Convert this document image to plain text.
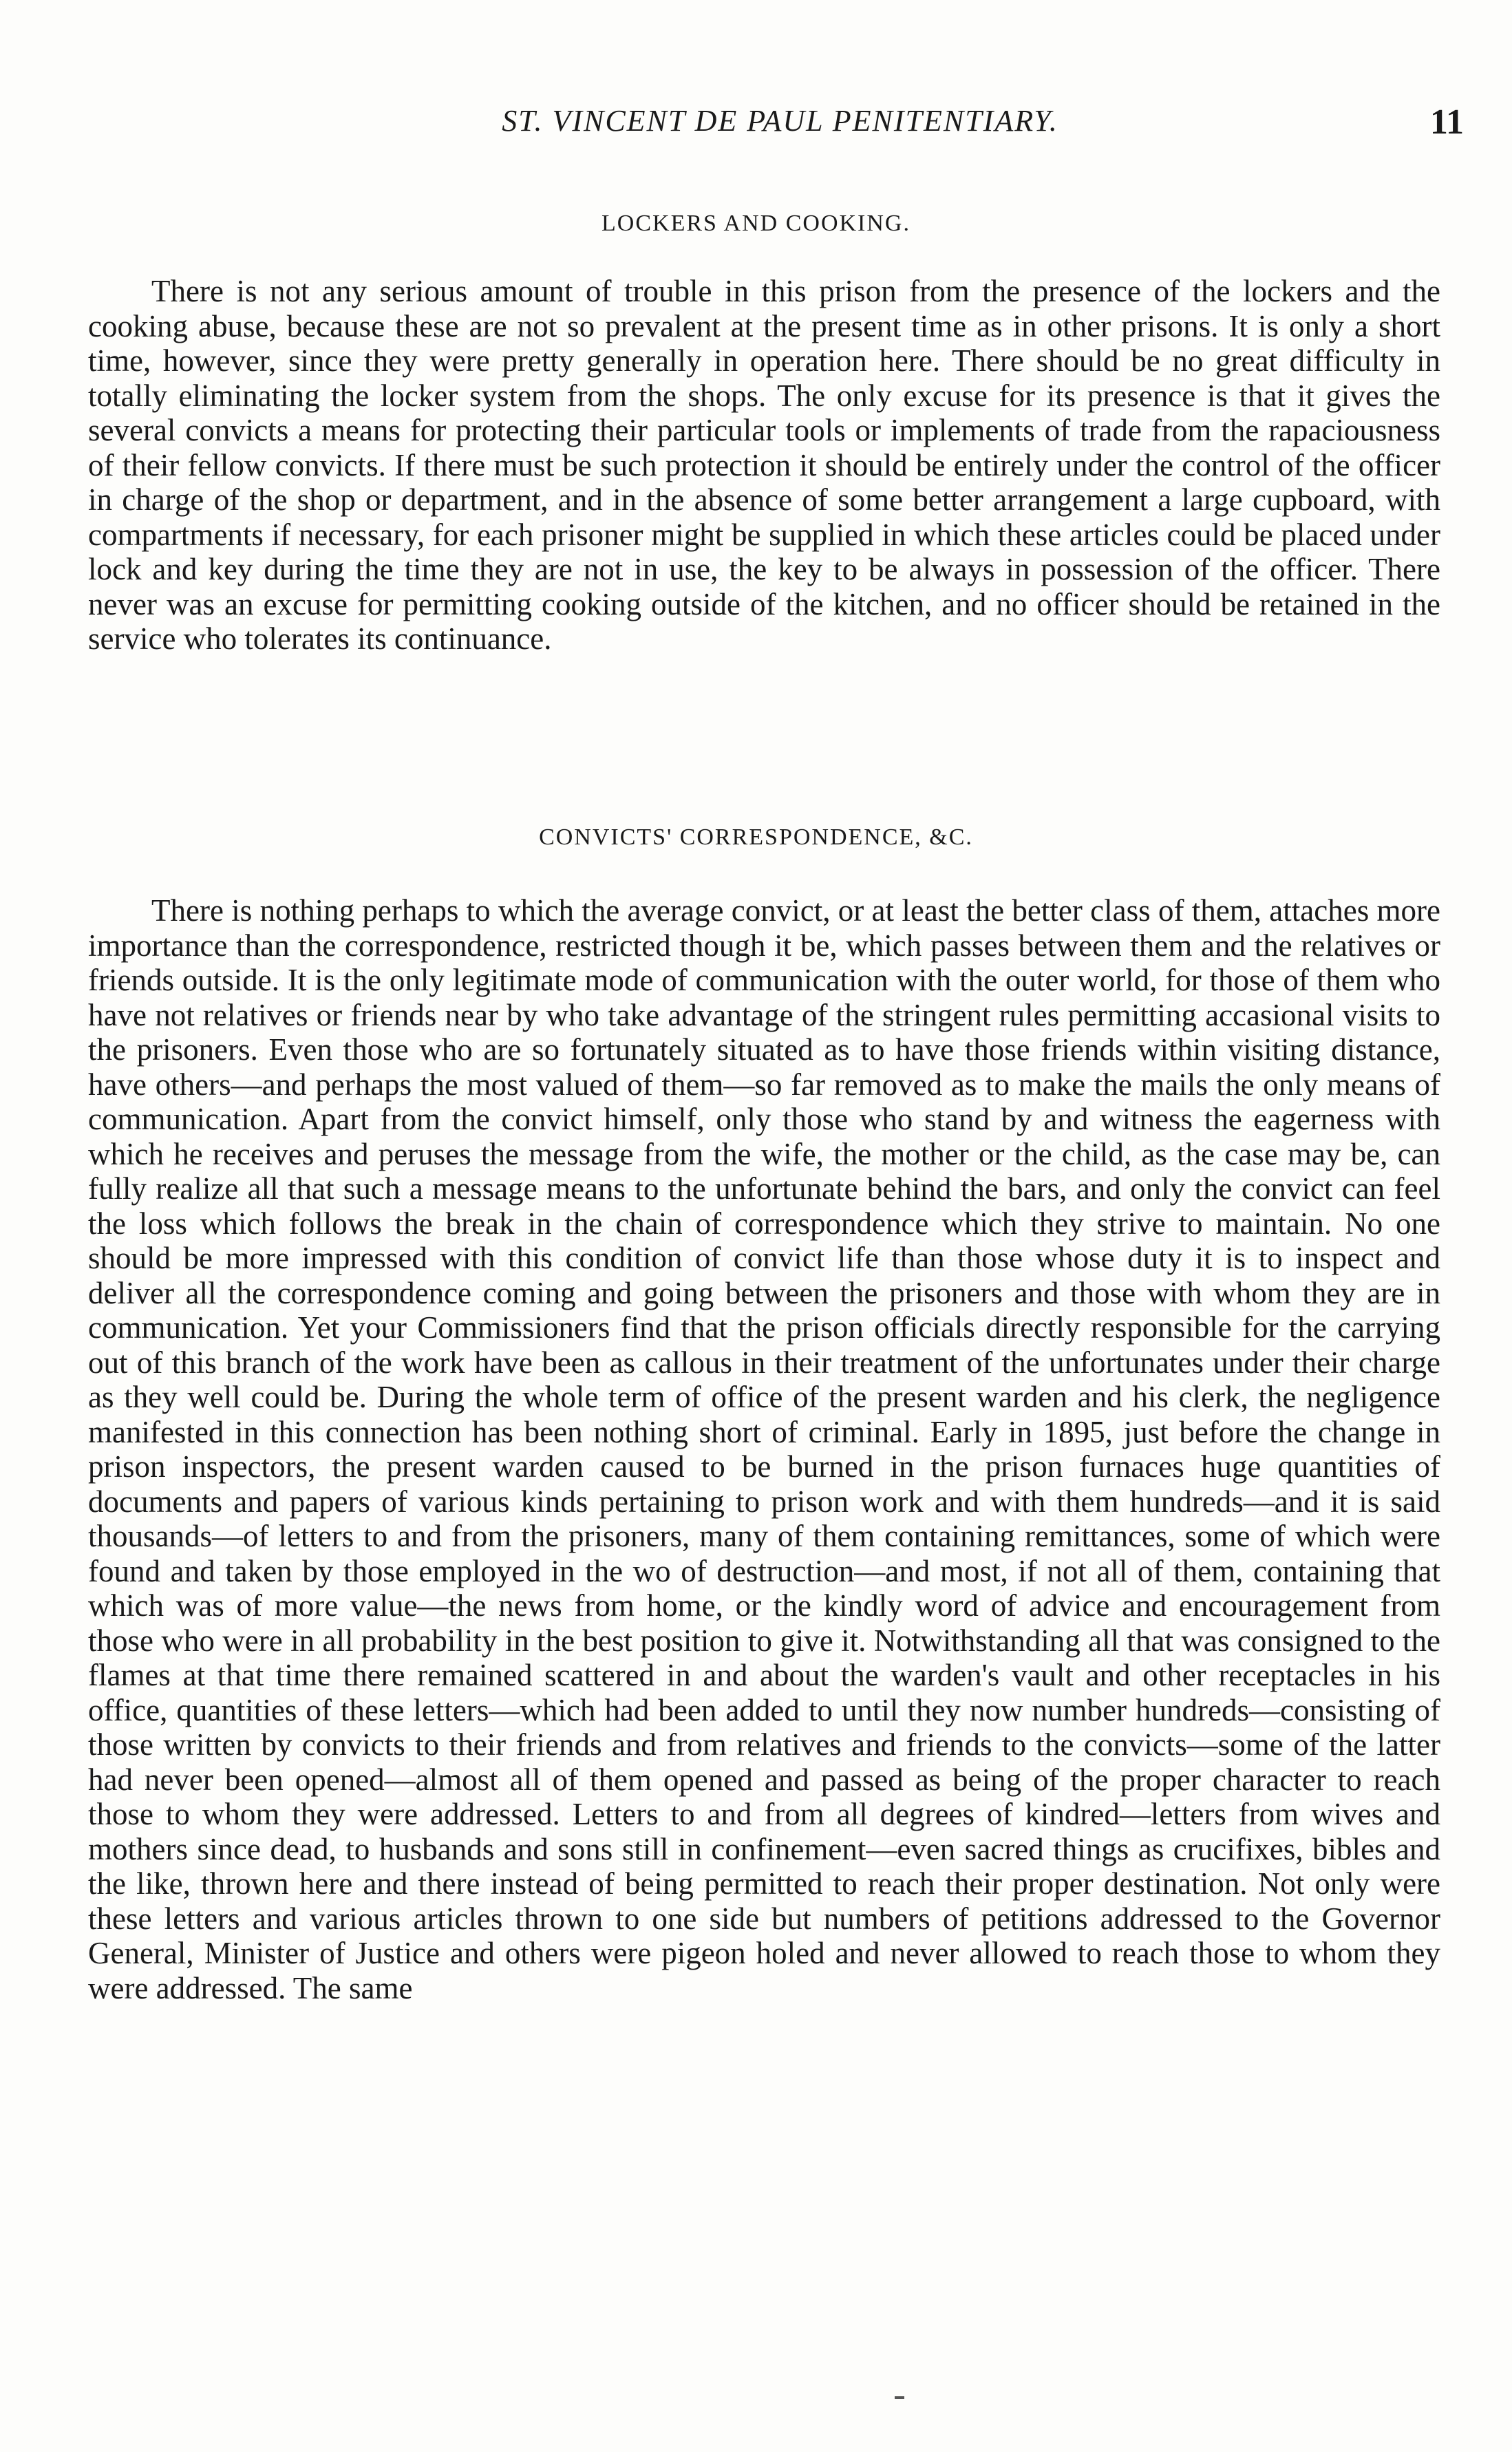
ST. VINCENT DE PAUL PENITENTIARY.	11
LOCKERS AND COOKING.

There is not any serious amount of trouble in this prison from the presence of the lockers and the cooking abuse, because these are not so prevalent at the present time as in other prisons. It is only a short time, however, since they were pretty generally in operation here. There should be no great difficulty in totally eliminating the locker system from the shops. The only excuse for its presence is that it gives the several convicts a means for protecting their particular tools or implements of trade from the rapaciousness of their fellow convicts. If there must be such protection it should be entirely under the control of the officer in charge of the shop or department, and in the absence of some better arrangement a large cupboard, with compartments if necessary, for each prisoner might be supplied in which these articles could be placed under lock and key during the time they are not in use, the key to be always in possession of the officer. There never was an excuse for permitting cooking outside of the kitchen, and no officer should be retained in the service who tolerates its continuance.

CONVICTS' CORRESPONDENCE, &C.

There is nothing perhaps to which the average convict, or at least the better class of them, attaches more importance than the correspondence, restricted though it be, which passes between them and the relatives or friends outside. It is the only legitimate mode of communication with the outer world, for those of them who have not relatives or friends near by who take advantage of the stringent rules permitting accasional visits to the prisoners. Even those who are so fortunately situated as to have those friends within visiting distance, have others—and perhaps the most valued of them—so far removed as to make the mails the only means of communication. Apart from the convict himself, only those who stand by and witness the eagerness with which he receives and peruses the message from the wife, the mother or the child, as the case may be, can fully realize all that such a message means to the unfortunate behind the bars, and only the convict can feel the loss which follows the break in the chain of correspondence which they strive to maintain. No one should be more impressed with this condition of convict life than those whose duty it is to inspect and deliver all the correspondence coming and going between the prisoners and those with whom they are in communication. Yet your Commissioners find that the prison officials directly responsible for the carrying out of this branch of the work have been as callous in their treatment of the unfortunates under their charge as they well could be. During the whole term of office of the present warden and his clerk, the negligence manifested in this connection has been nothing short of criminal. Early in 1895, just before the change in prison inspectors, the present warden caused to be burned in the prison furnaces huge quantities of documents and papers of various kinds pertaining to prison work and with them hundreds—and it is said thousands—of letters to and from the prisoners, many of them containing remittances, some of which were found and taken by those employed in the wo of destruction—and most, if not all of them, containing that which was of more value—the news from home, or the kindly word of advice and encouragement from those who were in all probability in the best position to give it. Notwithstanding all that was consigned to the flames at that time there remained scattered in and about the warden's vault and other receptacles in his office, quantities of these letters—which had been added to until they now number hundreds—consisting of those written by convicts to their friends and from relatives and friends to the convicts—some of the latter had never been opened—almost all of them opened and passed as being of the proper character to reach those to whom they were addressed. Letters to and from all degrees of kindred—letters from wives and mothers since dead, to husbands and sons still in confinement—even sacred things as crucifixes, bibles and the like, thrown here and there instead of being permitted to reach their proper destination. Not only were these letters and various articles thrown to one side but numbers of petitions addressed to the Governor General, Minister of Justice and others were pigeon holed and never allowed to reach those to whom they were addressed. The same
